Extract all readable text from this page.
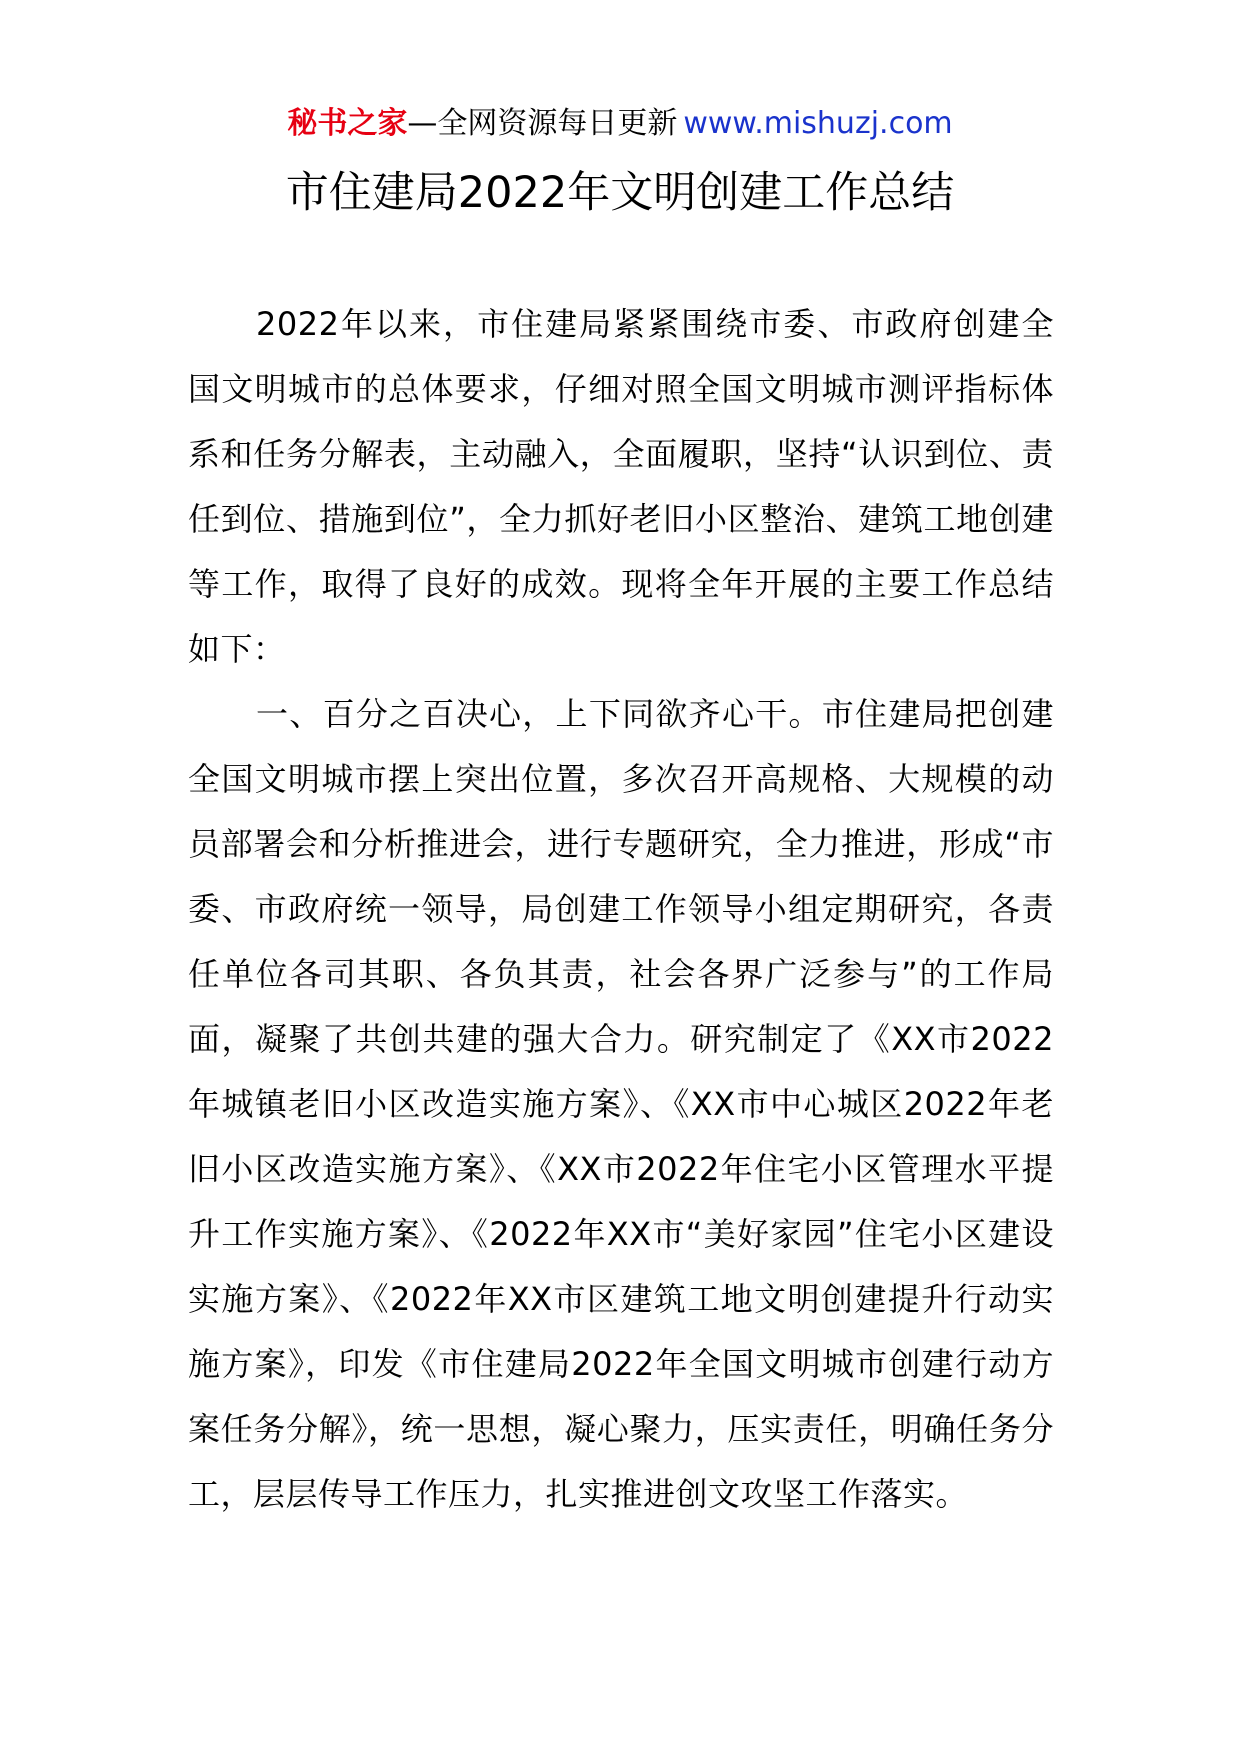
秘书之家—全网资源每日更新 www.mishuzj.com
市住建局2022年文明创建工作总结

2022年以来，市住建局紧紧围绕市委、市政府创建全国文明城市的总体要求，仔细对照全国文明城市测评指标体系和任务分解表，主动融入，全面履职，坚持“认识到位、责任到位、措施到位”，全力抓好老旧小区整治、建筑工地创建等工作，取得了良好的成效。现将全年开展的主要工作总结如下：

一、百分之百决心，上下同欲齐心干。市住建局把创建全国文明城市摆上突出位置，多次召开高规格、大规模的动员部署会和分析推进会，进行专题研究，全力推进，形成“市委、市政府统一领导，局创建工作领导小组定期研究，各责任单位各司其职、各负其责，社会各界广泛参与”的工作局面，凝聚了共创共建的强大合力。研究制定了《XX市2022年城镇老旧小区改造实施方案》、《XX市中心城区2022年老旧小区改造实施方案》、《XX市2022年住宅小区管理水平提升工作实施方案》、《2022年XX市“美好家园”住宅小区建设实施方案》、《2022年XX市区建筑工地文明创建提升行动实施方案》，印发《市住建局2022年全国文明城市创建行动方案任务分解》，统一思想，凝心聚力，压实责任，明确任务分工，层层传导工作压力，扎实推进创文攻坚工作落实。
